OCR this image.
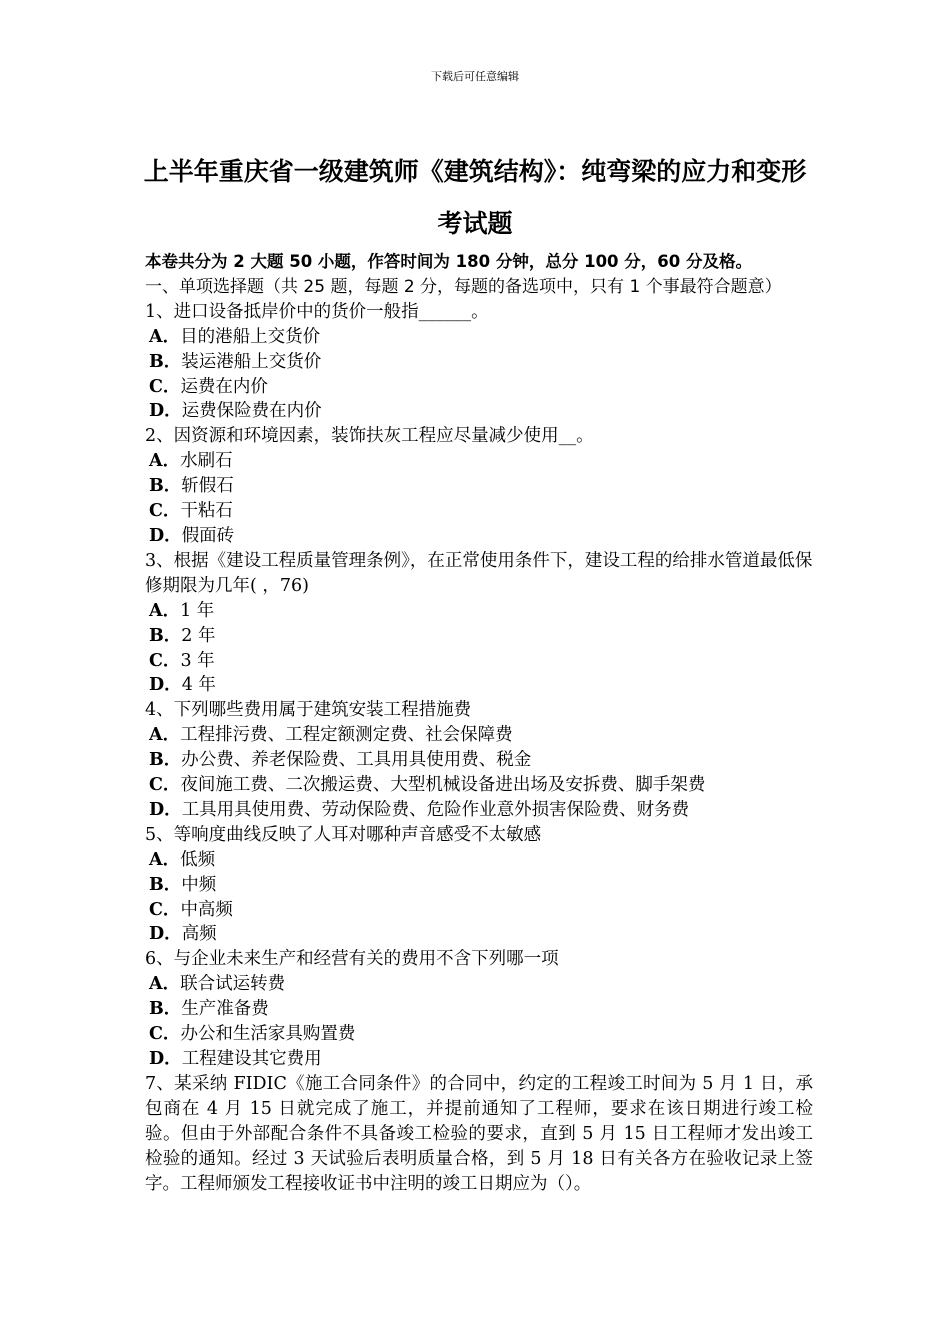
下载后可任意编辑
上半年重庆省一级建筑师《建筑结构》：纯弯梁的应力和变形考试题
本卷共分为 2 大题 50 小题，作答时间为 180 分钟，总分 100 分，60 分及格。
一、单项选择题（共 25 题，每题 2 分，每题的备选项中，只有 1 个事最符合题意）
1、进口设备抵岸价中的货价一般指______。
A．目的港船上交货价
B．装运港船上交货价
C．运费在内价
D．运费保险费在内价
2、因资源和环境因素，装饰扶灰工程应尽量减少使用__。
A．水刷石
B．斩假石
C．干粘石
D．假面砖
3、根据《建设工程质量管理条例》，在正常使用条件下，建设工程的给排水管道最低保修期限为几年( ，76)
A．1 年
B．2 年
C．3 年
D．4 年
4、下列哪些费用属于建筑安装工程措施费
A．工程排污费、工程定额测定费、社会保障费
B．办公费、养老保险费、工具用具使用费、税金
C．夜间施工费、二次搬运费、大型机械设备进出场及安拆费、脚手架费
D．工具用具使用费、劳动保险费、危险作业意外损害保险费、财务费
5、等响度曲线反映了人耳对哪种声音感受不太敏感
A．低频
B．中频
C．中高频
D．高频
6、与企业未来生产和经营有关的费用不含下列哪一项
A．联合试运转费
B．生产准备费
C．办公和生活家具购置费
D．工程建设其它费用
7、某采纳 FIDIC《施工合同条件》的合同中，约定的工程竣工时间为 5 月 1 日，承包商在 4 月 15 日就完成了施工，并提前通知了工程师，要求在该日期进行竣工检验。但由于外部配合条件不具备竣工检验的要求，直到 5 月 15 日工程师才发出竣工检验的通知。经过 3 天试验后表明质量合格，到 5 月 18 日有关各方在验收记录上签字。工程师颁发工程接收证书中注明的竣工日期应为（）。
